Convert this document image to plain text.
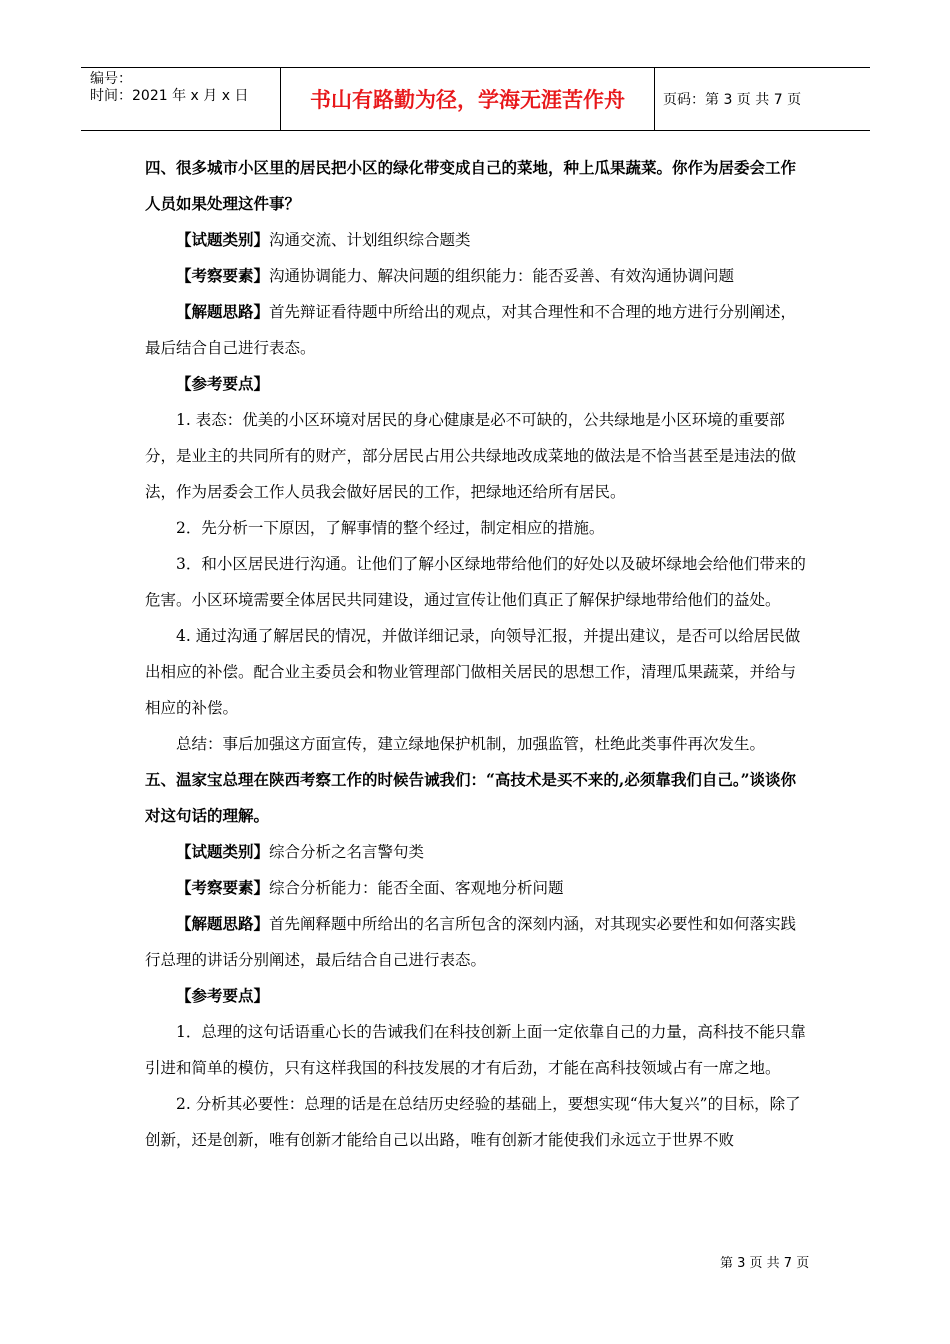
编号：
时间：2021 年 x 月 x 日	书山有路勤为径，学海无涯苦作舟	页码：第 3 页 共 7 页

四、很多城市小区里的居民把小区的绿化带变成自己的菜地，种上瓜果蔬菜。你作为居委会工作人员如果处理这件事？

【试题类别】沟通交流、计划组织综合题类

【考察要素】沟通协调能力、解决问题的组织能力：能否妥善、有效沟通协调问题

【解题思路】首先辩证看待题中所给出的观点，对其合理性和不合理的地方进行分别阐述，最后结合自己进行表态。

【参考要点】

1. 表态：优美的小区环境对居民的身心健康是必不可缺的，公共绿地是小区环境的重要部分，是业主的共同所有的财产，部分居民占用公共绿地改成菜地的做法是不恰当甚至是违法的做法，作为居委会工作人员我会做好居民的工作，把绿地还给所有居民。

2．先分析一下原因，了解事情的整个经过，制定相应的措施。

3．和小区居民进行沟通。让他们了解小区绿地带给他们的好处以及破坏绿地会给他们带来的危害。小区环境需要全体居民共同建设，通过宣传让他们真正了解保护绿地带给他们的益处。

4. 通过沟通了解居民的情况，并做详细记录，向领导汇报，并提出建议，是否可以给居民做出相应的补偿。配合业主委员会和物业管理部门做相关居民的思想工作，清理瓜果蔬菜，并给与相应的补偿。

总结：事后加强这方面宣传，建立绿地保护机制，加强监管，杜绝此类事件再次发生。

五、温家宝总理在陕西考察工作的时候告诫我们：“高技术是买不来的,必须靠我们自己。”谈谈你对这句话的理解。

【试题类别】综合分析之名言警句类

【考察要素】综合分析能力：能否全面、客观地分析问题

【解题思路】首先阐释题中所给出的名言所包含的深刻内涵，对其现实必要性和如何落实践行总理的讲话分别阐述，最后结合自己进行表态。

【参考要点】

1．总理的这句话语重心长的告诫我们在科技创新上面一定依靠自己的力量，高科技不能只靠引进和简单的模仿，只有这样我国的科技发展的才有后劲，才能在高科技领域占有一席之地。

2. 分析其必要性：总理的话是在总结历史经验的基础上，要想实现“伟大复兴”的目标，除了创新，还是创新，唯有创新才能给自己以出路，唯有创新才能使我们永远立于世界不败

第 3 页 共 7 页
